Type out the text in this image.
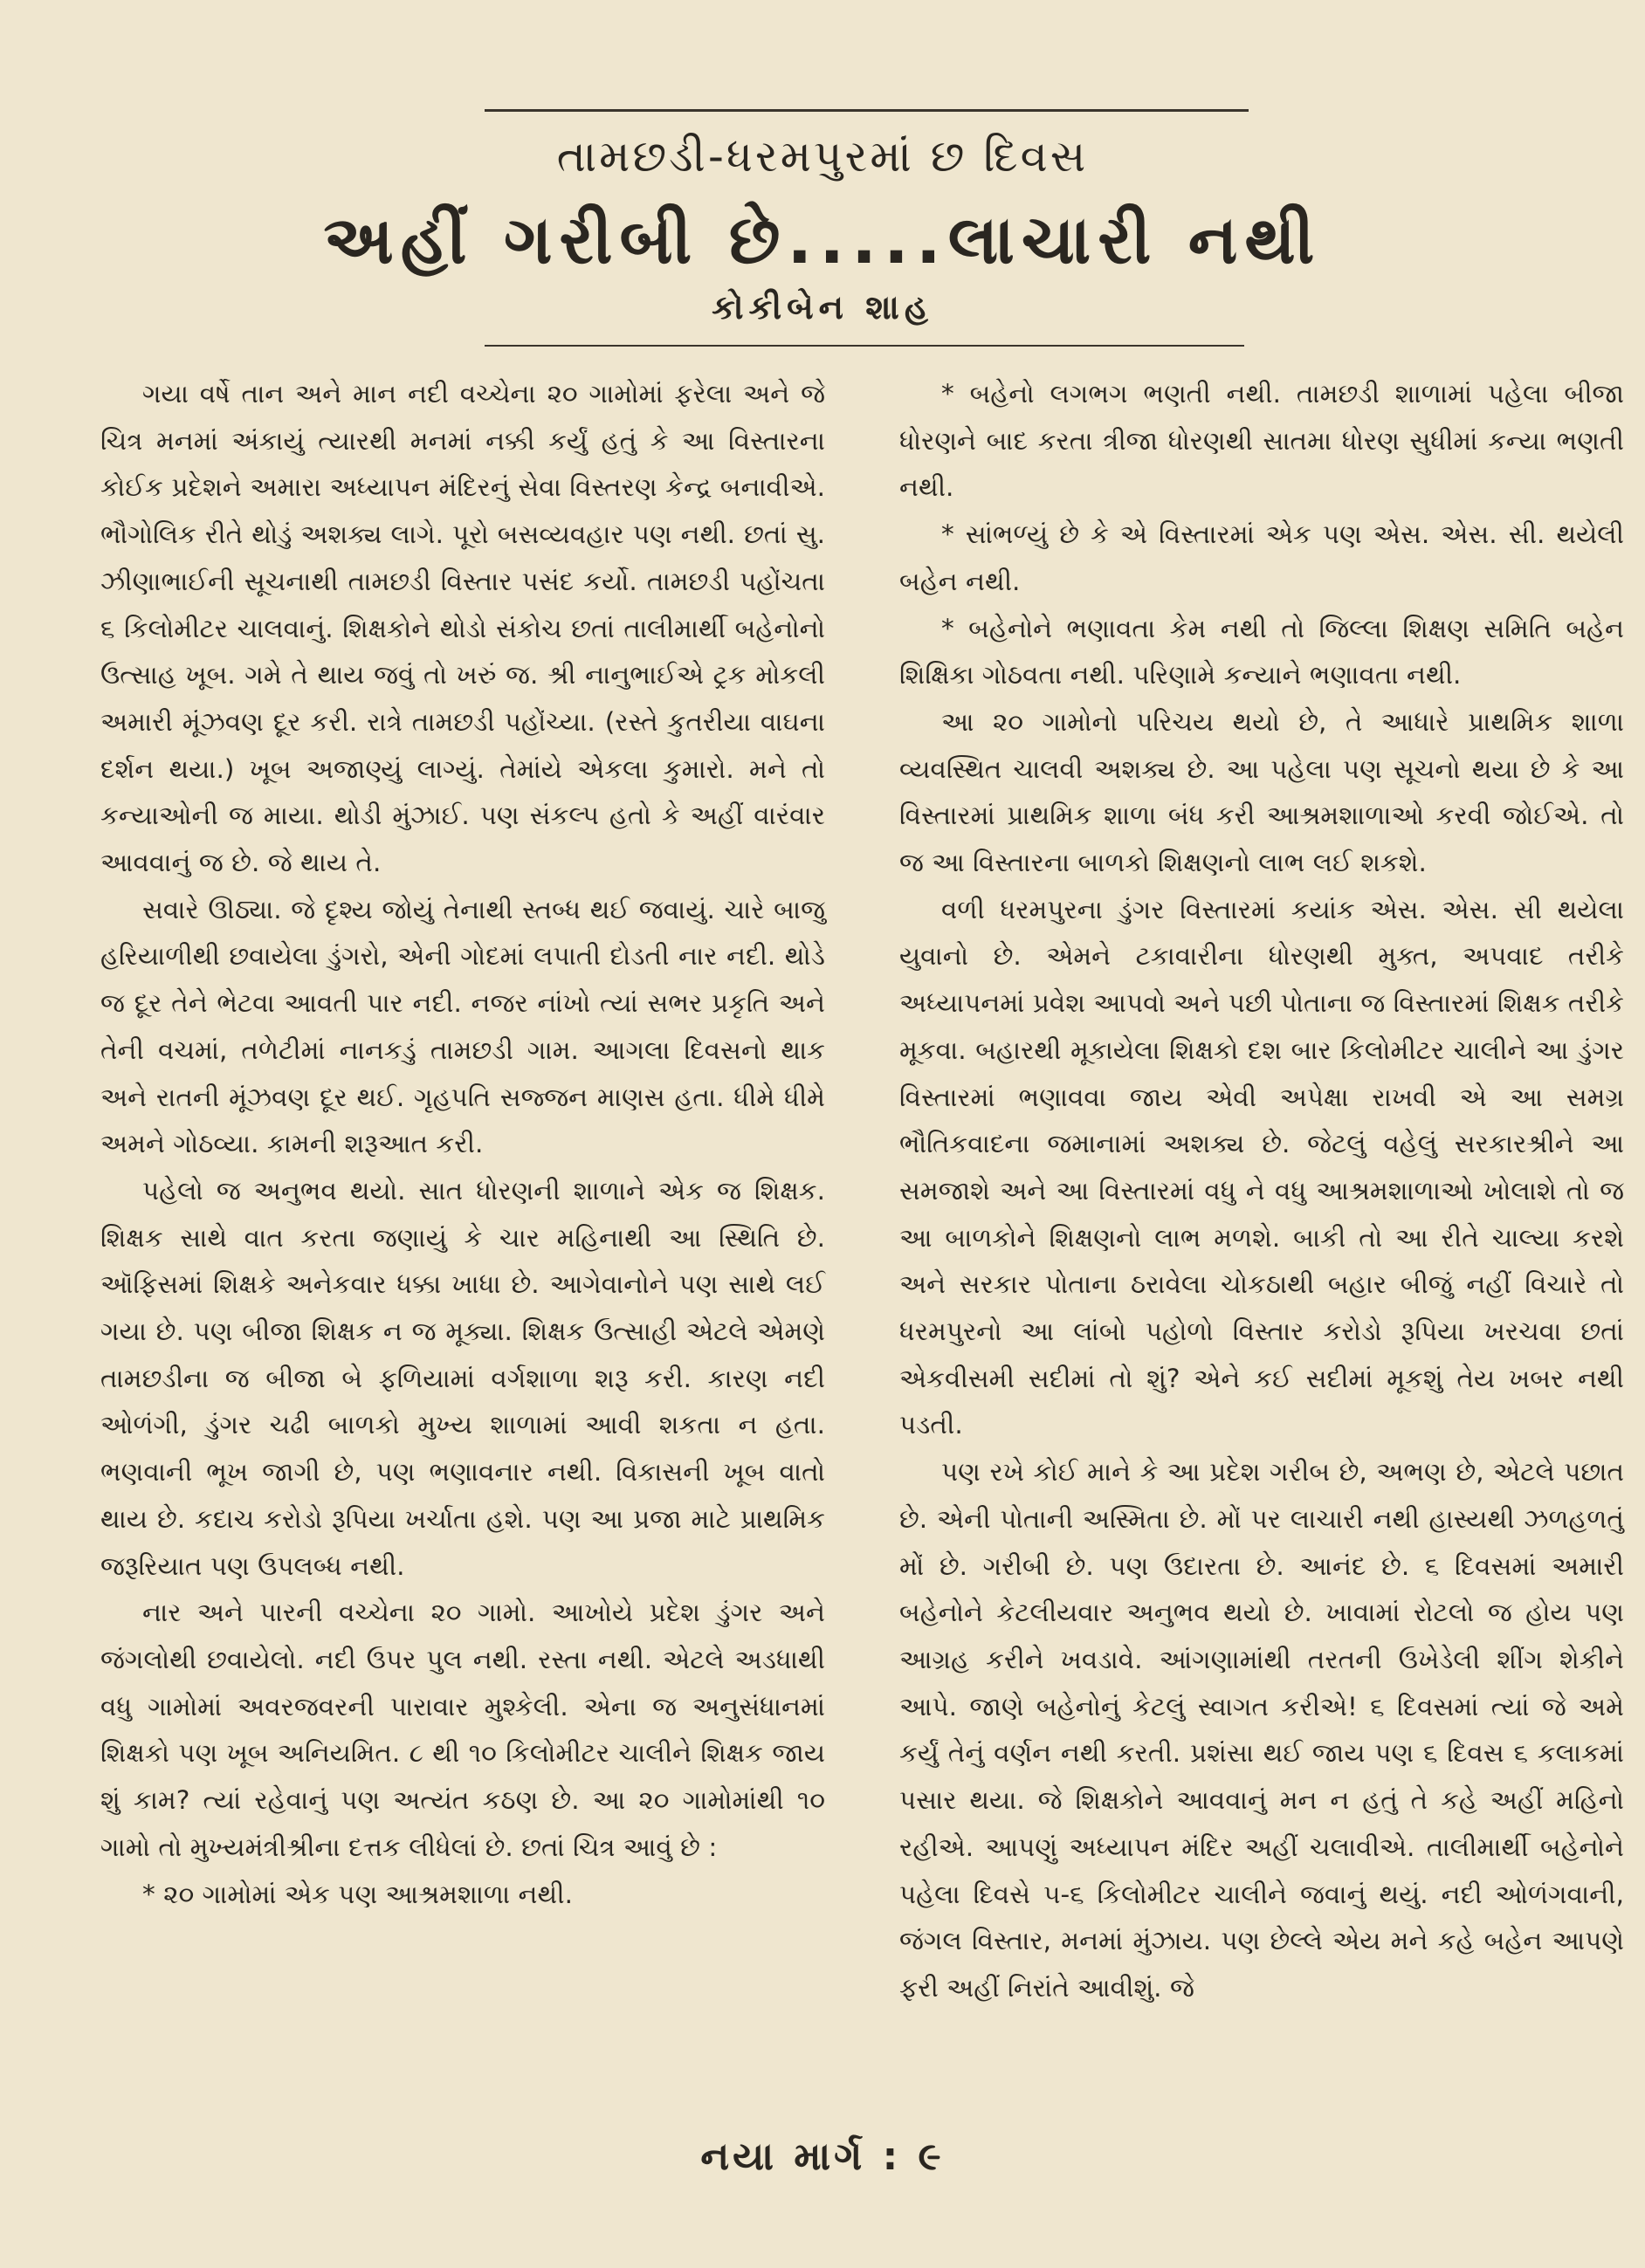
તામછડી-ધરમપુરમાં છ દિવસ
અહીં ગરીબી છે.....લાચારી નથી
કોકીબેન શાહ

ગયા વર્ષે તાન અને માન નદી વચ્ચેના ૨૦ ગામોમાં ફરેલા અને જે ચિત્ર મનમાં અંકાયું ત્યારથી મનમાં નક્કી કર્યું હતું કે આ વિસ્તારના કોઈક પ્રદેશને અમારા અધ્યાપન મંદિરનું સેવા વિસ્તરણ કેન્દ્ર બનાવીએ. ભૌગોલિક રીતે થોડું અશક્ય લાગે. પૂરો બસવ્યવહાર પણ નથી. છતાં સુ. ઝીણાભાઈની સૂચનાથી તામછડી વિસ્તાર પસંદ કર્યો. તામછડી પહોંચતા ૬ કિલોમીટર ચાલવાનું. શિક્ષકોને થોડો સંકોચ છતાં તાલીમાર્થી બહેનોનો ઉત્સાહ ખૂબ. ગમે તે થાય જવું તો ખરું જ. શ્રી નાનુભાઈએ ટ્રક મોકલી અમારી મૂંઝવણ દૂર કરી. રાત્રે તામછડી પહોંચ્યા. (રસ્તે કુતરીયા વાઘના દર્શન થયા.) ખૂબ અજાણ્યું લાગ્યું. તેમાંયે એકલા કુમારો. મને તો કન્યાઓની જ માયા. થોડી મુંઝાઈ. પણ સંકલ્પ હતો કે અહીં વારંવાર આવવાનું જ છે. જે થાય તે.

સવારે ઊઠ્યા. જે દૃશ્ય જોયું તેનાથી સ્તબ્ધ થઈ જવાયું. ચારે બાજુ હરિયાળીથી છવાયેલા ડુંગરો, એની ગોદમાં લપાતી દોડતી નાર નદી. થોડે જ દૂર તેને ભેટવા આવતી પાર નદી. નજર નાંખો ત્યાં સભર પ્રકૃતિ અને તેની વચમાં, તળેટીમાં નાનકડું તામછડી ગામ. આગલા દિવસનો થાક અને રાતની મૂંઝવણ દૂર થઈ. ગૃહપતિ સજ્જન માણસ હતા. ધીમે ધીમે અમને ગોઠવ્યા. કામની શરૂઆત કરી.

પહેલો જ અનુભવ થયો. સાત ધોરણની શાળાને એક જ શિક્ષક. શિક્ષક સાથે વાત કરતા જણાયું કે ચાર મહિનાથી આ સ્થિતિ છે. ઑફિસમાં શિક્ષકે અનેકવાર ધક્કા ખાધા છે. આગેવાનોને પણ સાથે લઈ ગયા છે. પણ બીજા શિક્ષક ન જ મૂક્યા. શિક્ષક ઉત્સાહી એટલે એમણે તામછડીના જ બીજા બે ફળિયામાં વર્ગશાળા શરૂ કરી. કારણ નદી ઓળંગી, ડુંગર ચઢી બાળકો મુખ્ય શાળામાં આવી શકતા ન હતા. ભણવાની ભૂખ જાગી છે, પણ ભણાવનાર નથી. વિકાસની ખૂબ વાતો થાય છે. કદાચ કરોડો રૂપિયા ખર્ચાતા હશે. પણ આ પ્રજા માટે પ્રાથમિક જરૂરિયાત પણ ઉપલબ્ધ નથી.

નાર અને પારની વચ્ચેના ૨૦ ગામો. આખોયે પ્રદેશ ડુંગર અને જંગલોથી છવાયેલો. નદી ઉપર પુલ નથી. રસ્તા નથી. એટલે અડધાથી વધુ ગામોમાં અવરજવરની પારાવાર મુશ્કેલી. એના જ અનુસંધાનમાં શિક્ષકો પણ ખૂબ અનિયમિત. ૮ થી ૧૦ કિલોમીટર ચાલીને શિક્ષક જાય શું કામ? ત્યાં રહેવાનું પણ અત્યંત કઠણ છે. આ ૨૦ ગામોમાંથી ૧૦ ગામો તો મુખ્યમંત્રીશ્રીના દત્તક લીધેલાં છે. છતાં ચિત્ર આવું છે :

* ૨૦ ગામોમાં એક પણ આશ્રમશાળા નથી.

* બહેનો લગભગ ભણતી નથી. તામછડી શાળામાં પહેલા બીજા ધોરણને બાદ કરતા ત્રીજા ધોરણથી સાતમા ધોરણ સુધીમાં કન્યા ભણતી નથી.

* સાંભળ્યું છે કે એ વિસ્તારમાં એક પણ એસ. એસ. સી. થયેલી બહેન નથી.

* બહેનોને ભણાવતા કેમ નથી તો જિલ્લા શિક્ષણ સમિતિ બહેન શિક્ષિકા ગોઠવતા નથી. પરિણામે કન્યાને ભણાવતા નથી.

આ ૨૦ ગામોનો પરિચય થયો છે, તે આધારે પ્રાથમિક શાળા વ્યવસ્થિત ચાલવી અશક્ય છે. આ પહેલા પણ સૂચનો થયા છે કે આ વિસ્તારમાં પ્રાથમિક શાળા બંધ કરી આશ્રમશાળાઓ કરવી જોઈએ. તો જ આ વિસ્તારના બાળકો શિક્ષણનો લાભ લઈ શકશે.

વળી ધરમપુરના ડુંગર વિસ્તારમાં કયાંક એસ. એસ. સી થયેલા યુવાનો છે. એમને ટકાવારીના ધોરણથી મુક્ત, અપવાદ તરીકે અધ્યાપનમાં પ્રવેશ આપવો અને પછી પોતાના જ વિસ્તારમાં શિક્ષક તરીકે મૂકવા. બહારથી મૂકાયેલા શિક્ષકો દશ બાર કિલોમીટર ચાલીને આ ડુંગર વિસ્તારમાં ભણાવવા જાય એવી અપેક્ષા રાખવી એ આ સમગ્ર ભૌતિકવાદના જમાનામાં અશક્ય છે. જેટલું વહેલું સરકારશ્રીને આ સમજાશે અને આ વિસ્તારમાં વધુ ને વધુ આશ્રમશાળાઓ ખોલાશે તો જ આ બાળકોને શિક્ષણનો લાભ મળશે. બાકી તો આ રીતે ચાલ્યા કરશે અને સરકાર પોતાના ઠરાવેલા ચોકઠાથી બહાર બીજું નહીં વિચારે તો ધરમપુરનો આ લાંબો પહોળો વિસ્તાર કરોડો રૂપિયા ખરચવા છતાં એકવીસમી સદીમાં તો શું? એને કઈ સદીમાં મૂકશું તેય ખબર નથી પડતી.

પણ રખે કોઈ માને કે આ પ્રદેશ ગરીબ છે, અભણ છે, એટલે પછાત છે. એની પોતાની અસ્મિતા છે. મોં પર લાચારી નથી હાસ્યથી ઝળહળતું મોં છે. ગરીબી છે. પણ ઉદારતા છે. આનંદ છે. ૬ દિવસમાં અમારી બહેનોને કેટલીયવાર અનુભવ થયો છે. ખાવામાં રોટલો જ હોય પણ આગ્રહ કરીને ખવડાવે. આંગણામાંથી તરતની ઉખેડેલી શીંગ શેકીને આપે. જાણે બહેનોનું કેટલું સ્વાગત કરીએ! ૬ દિવસમાં ત્યાં જે અમે કર્યું તેનું વર્ણન નથી કરતી. પ્રશંસા થઈ જાય પણ ૬ દિવસ ૬ કલાકમાં પસાર થયા. જે શિક્ષકોને આવવાનું મન ન હતું તે કહે અહીં મહિનો રહીએ. આપણું અધ્યાપન મંદિર અહીં ચલાવીએ. તાલીમાર્થી બહેનોને પહેલા દિવસે ૫-૬ કિલોમીટર ચાલીને જવાનું થયું. નદી ઓળંગવાની, જંગલ વિસ્તાર, મનમાં મુંઝાય. પણ છેલ્લે એય મને કહે બહેન આપણે ફરી અહીં નિરાંતે આવીશું. જે

નયા માર્ગ : ૯
